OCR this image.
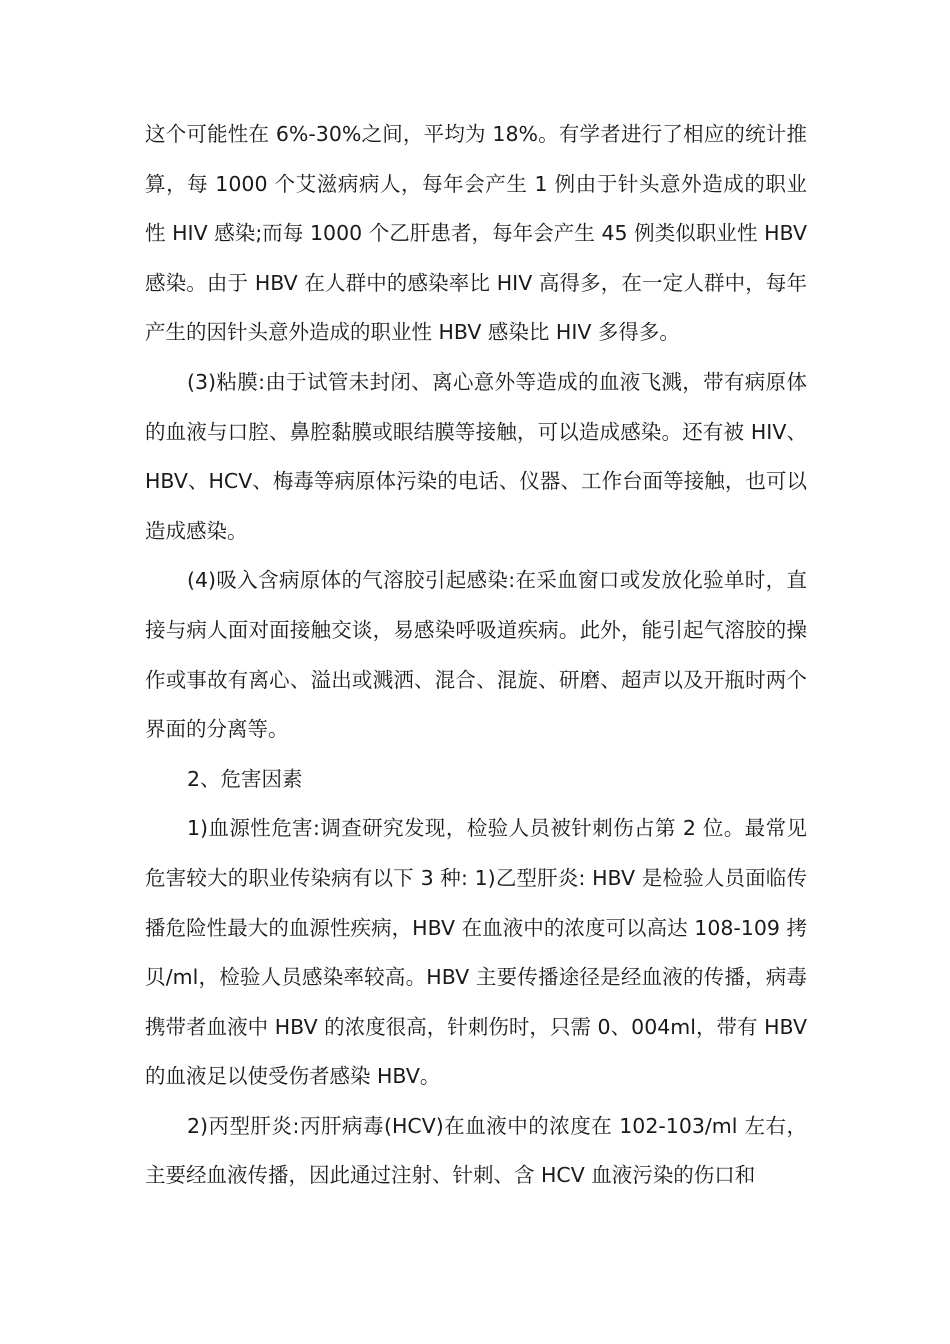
这个可能性在 6%-30%之间，平均为 18%。有学者进行了相应的统计推算，每 1000 个艾滋病病人，每年会产生 1 例由于针头意外造成的职业性 HIV 感染;而每 1000 个乙肝患者，每年会产生 45 例类似职业性 HBV 感染。由于 HBV 在人群中的感染率比 HIV 高得多，在一定人群中，每年产生的因针头意外造成的职业性 HBV 感染比 HIV 多得多。

(3)粘膜:由于试管未封闭、离心意外等造成的血液飞溅，带有病原体的血液与口腔、鼻腔黏膜或眼结膜等接触，可以造成感染。还有被 HIV、HBV、HCV、梅毒等病原体污染的电话、仪器、工作台面等接触，也可以造成感染。

(4)吸入含病原体的气溶胶引起感染:在采血窗口或发放化验单时，直接与病人面对面接触交谈，易感染呼吸道疾病。此外，能引起气溶胶的操作或事故有离心、溢出或溅洒、混合、混旋、研磨、超声以及开瓶时两个界面的分离等。

2、危害因素

1)血源性危害:调查研究发现，检验人员被针刺伤占第 2 位。最常见危害较大的职业传染病有以下 3 种: 1)乙型肝炎: HBV 是检验人员面临传播危险性最大的血源性疾病，HBV 在血液中的浓度可以高达 108-109 拷贝/ml，检验人员感染率较高。HBV 主要传播途径是经血液的传播，病毒携带者血液中 HBV 的浓度很高，针刺伤时，只需 0、004ml，带有 HBV 的血液足以使受伤者感染 HBV。

2)丙型肝炎:丙肝病毒(HCV)在血液中的浓度在 102-103/ml 左右，主要经血液传播，因此通过注射、针刺、含 HCV 血液污染的伤口和
